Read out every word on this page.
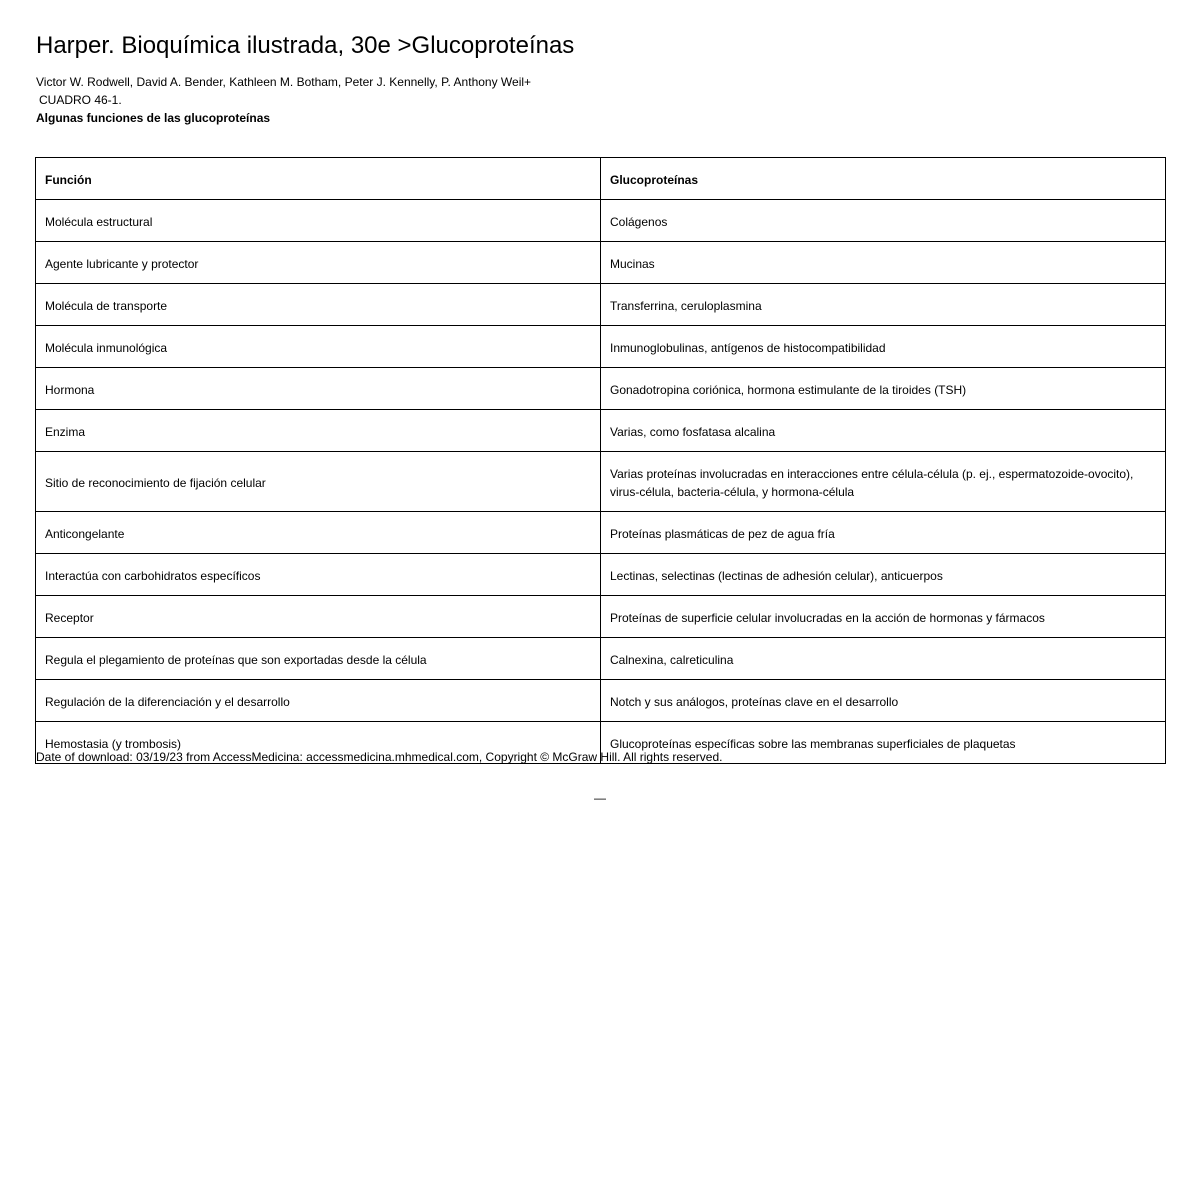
Harper. Bioquímica ilustrada, 30e >Glucoproteínas
Victor W. Rodwell, David A. Bender, Kathleen M. Botham, Peter J. Kennelly, P. Anthony Weil+
CUADRO 46-1.
Algunas funciones de las glucoproteínas
Función	Glucoproteínas
Molécula estructural	Colágenos
Agente lubricante y protector	Mucinas
Molécula de transporte	Transferrina, ceruloplasmina
Molécula inmunológica	Inmunoglobulinas, antígenos de histocompatibilidad
Hormona	Gonadotropina coriónica, hormona estimulante de la tiroides (TSH)
Enzima	Varias, como fosfatasa alcalina
Sitio de reconocimiento de fijación celular	Varias proteínas involucradas en interacciones entre célula-célula (p. ej., espermatozoide-ovocito), virus-célula, bacteria-célula, y hormona-célula
Anticongelante	Proteínas plasmáticas de pez de agua fría
Interactúa con carbohidratos específicos	Lectinas, selectinas (lectinas de adhesión celular), anticuerpos
Receptor	Proteínas de superficie celular involucradas en la acción de hormonas y fármacos
Regula el plegamiento de proteínas que son exportadas desde la célula	Calnexina, calreticulina
Regulación de la diferenciación y el desarrollo	Notch y sus análogos, proteínas clave en el desarrollo
Hemostasia (y trombosis)	Glucoproteínas específicas sobre las membranas superficiales de plaquetas
Date of download: 03/19/23 from AccessMedicina: accessmedicina.mhmedical.com, Copyright © McGraw Hill. All rights reserved.
—
